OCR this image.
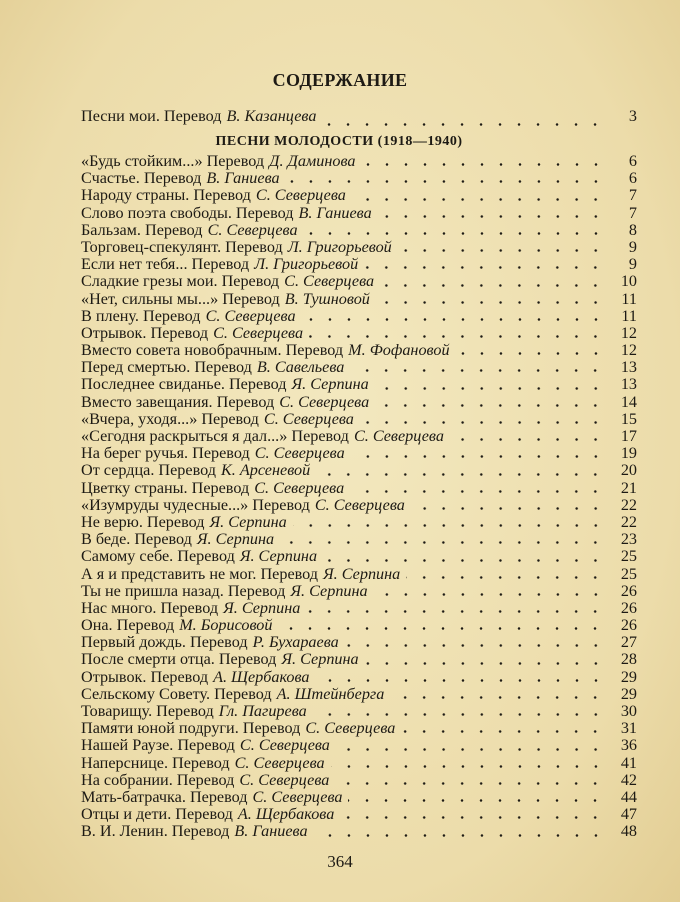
СОДЕРЖАНИЕ
Песни мои. Перевод В. Казанцева	3
ПЕСНИ МОЛОДОСТИ (1918—1940)
«Будь стойким...» Перевод Д. Даминова	6
Счастье. Перевод В. Ганиева	6
Народу страны. Перевод С. Северцева	7
Слово поэта свободы. Перевод В. Ганиева	7
Бальзам. Перевод С. Северцева	8
Торговец-спекулянт. Перевод Л. Григорьевой	9
Если нет тебя... Перевод Л. Григорьевой	9
Сладкие грезы мои. Перевод С. Северцева	10
«Нет, сильны мы...» Перевод В. Тушновой	11
В плену. Перевод С. Северцева	11
Отрывок. Перевод С. Северцева	12
Вместо совета новобрачным. Перевод М. Фофановой	12
Перед смертью. Перевод В. Савельева	13
Последнее свиданье. Перевод Я. Серпина	13
Вместо завещания. Перевод С. Северцева	14
«Вчера, уходя...» Перевод С. Северцева	15
«Сегодня раскрыться я дал...» Перевод С. Северцева	17
На берег ручья. Перевод С. Северцева	19
От сердца. Перевод К. Арсеневой	20
Цветку страны. Перевод С. Северцева	21
«Изумруды чудесные...» Перевод С. Северцева	22
Не верю. Перевод Я. Серпина	22
В беде. Перевод Я. Серпина	23
Самому себе. Перевод Я. Серпина	25
А я и представить не мог. Перевод Я. Серпина	25
Ты не пришла назад. Перевод Я. Серпина	26
Нас много. Перевод Я. Серпина	26
Она. Перевод М. Борисовой	26
Первый дождь. Перевод Р. Бухараева	27
После смерти отца. Перевод Я. Серпина	28
Отрывок. Перевод А. Щербакова	29
Сельскому Совету. Перевод А. Штейнберга	29
Товарищу. Перевод Гл. Пагирева	30
Памяти юной подруги. Перевод С. Северцева	31
Нашей Раузе. Перевод С. Северцева	36
Наперснице. Перевод С. Северцева	41
На собрании. Перевод С. Северцева	42
Мать-батрачка. Перевод С. Северцева	44
Отцы и дети. Перевод А. Щербакова	47
В. И. Ленин. Перевод В. Ганиева	48
364
